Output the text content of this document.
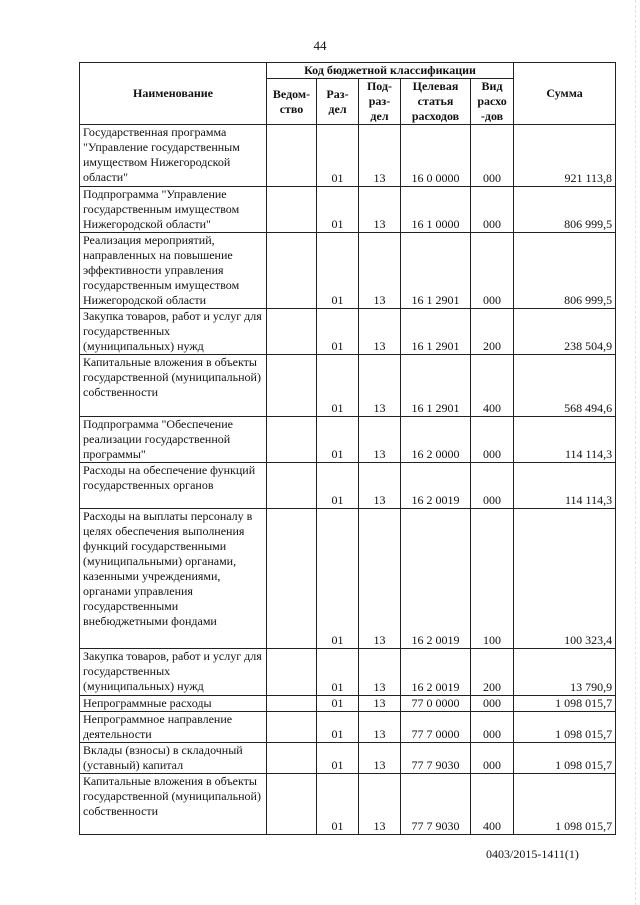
44
Наименование	Код бюджетной классификации					Сумма
	Ведом-ство	Раз-дел	Под-раз-дел	Целевая статья расходов	Вид расхо -дов	
Государственная программа "Управление государственным имуществом Нижегородской области"		01	13	16 0 0000	000	921 113,8
Подпрограмма "Управление государственным имуществом Нижегородской области"		01	13	16 1 0000	000	806 999,5
Реализация мероприятий, направленных на повышение эффективности управления государственным имуществом Нижегородской области		01	13	16 1 2901	000	806 999,5
Закупка товаров, работ и услуг для государственных (муниципальных) нужд		01	13	16 1 2901	200	238 504,9
Капитальные вложения в объекты государственной (муниципальной) собственности		01	13	16 1 2901	400	568 494,6
Подпрограмма "Обеспечение реализации государственной программы"		01	13	16 2 0000	000	114 114,3
Расходы на обеспечение функций государственных органов		01	13	16 2 0019	000	114 114,3
Расходы на выплаты персоналу в целях обеспечения выполнения функций государственными (муниципальными) органами, казенными учреждениями, органами управления государственными внебюджетными фондами		01	13	16 2 0019	100	100 323,4
Закупка товаров, работ и услуг для государственных (муниципальных) нужд		01	13	16 2 0019	200	13 790,9
Непрограммные расходы		01	13	77 0 0000	000	1 098 015,7
Непрограммное направление деятельности		01	13	77 7 0000	000	1 098 015,7
Вклады (взносы) в складочный (уставный) капитал		01	13	77 7 9030	000	1 098 015,7
Капитальные вложения в объекты государственной (муниципальной) собственности		01	13	77 7 9030	400	1 098 015,7
0403/2015-1411(1)
